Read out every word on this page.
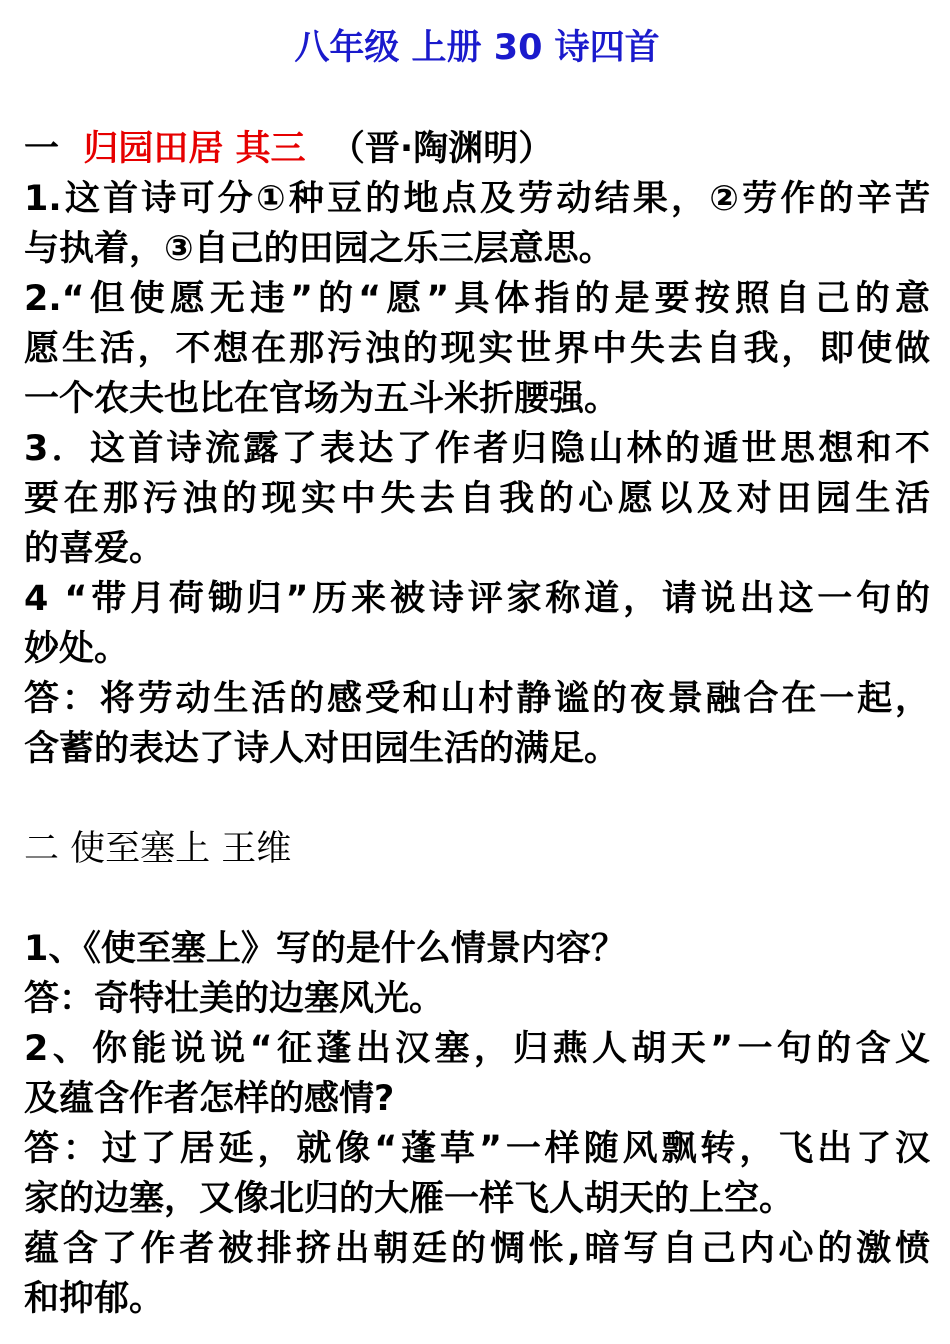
八年级 上册 30 诗四首
一  归园田居 其三  （晋·陶渊明）
1.这首诗可分①种豆的地点及劳动结果，②劳作的辛苦
与执着，③自己的田园之乐三层意思。
2.“但使愿无违”的“愿”具体指的是要按照自己的意
愿生活，不想在那污浊的现实世界中失去自我，即使做
一个农夫也比在官场为五斗米折腰强。
3．这首诗流露了表达了作者归隐山林的遁世思想和不
要在那污浊的现实中失去自我的心愿以及对田园生活
的喜爱。
4 “带月荷锄归”历来被诗评家称道，请说出这一句的
妙处。
答：将劳动生活的感受和山村静谧的夜景融合在一起，
含蓄的表达了诗人对田园生活的满足。
二 使至塞上 王维
1、《使至塞上》写的是什么情景内容？
答：奇特壮美的边塞风光。
2、你能说说“征蓬出汉塞，归燕人胡天”一句的含义
及蕴含作者怎样的感情?
答：过了居延，就像“蓬草”一样随风飘转，飞出了汉
家的边塞，又像北归的大雁一样飞人胡天的上空。
蕴含了作者被排挤出朝廷的惆怅,暗写自己内心的激愤
和抑郁。
